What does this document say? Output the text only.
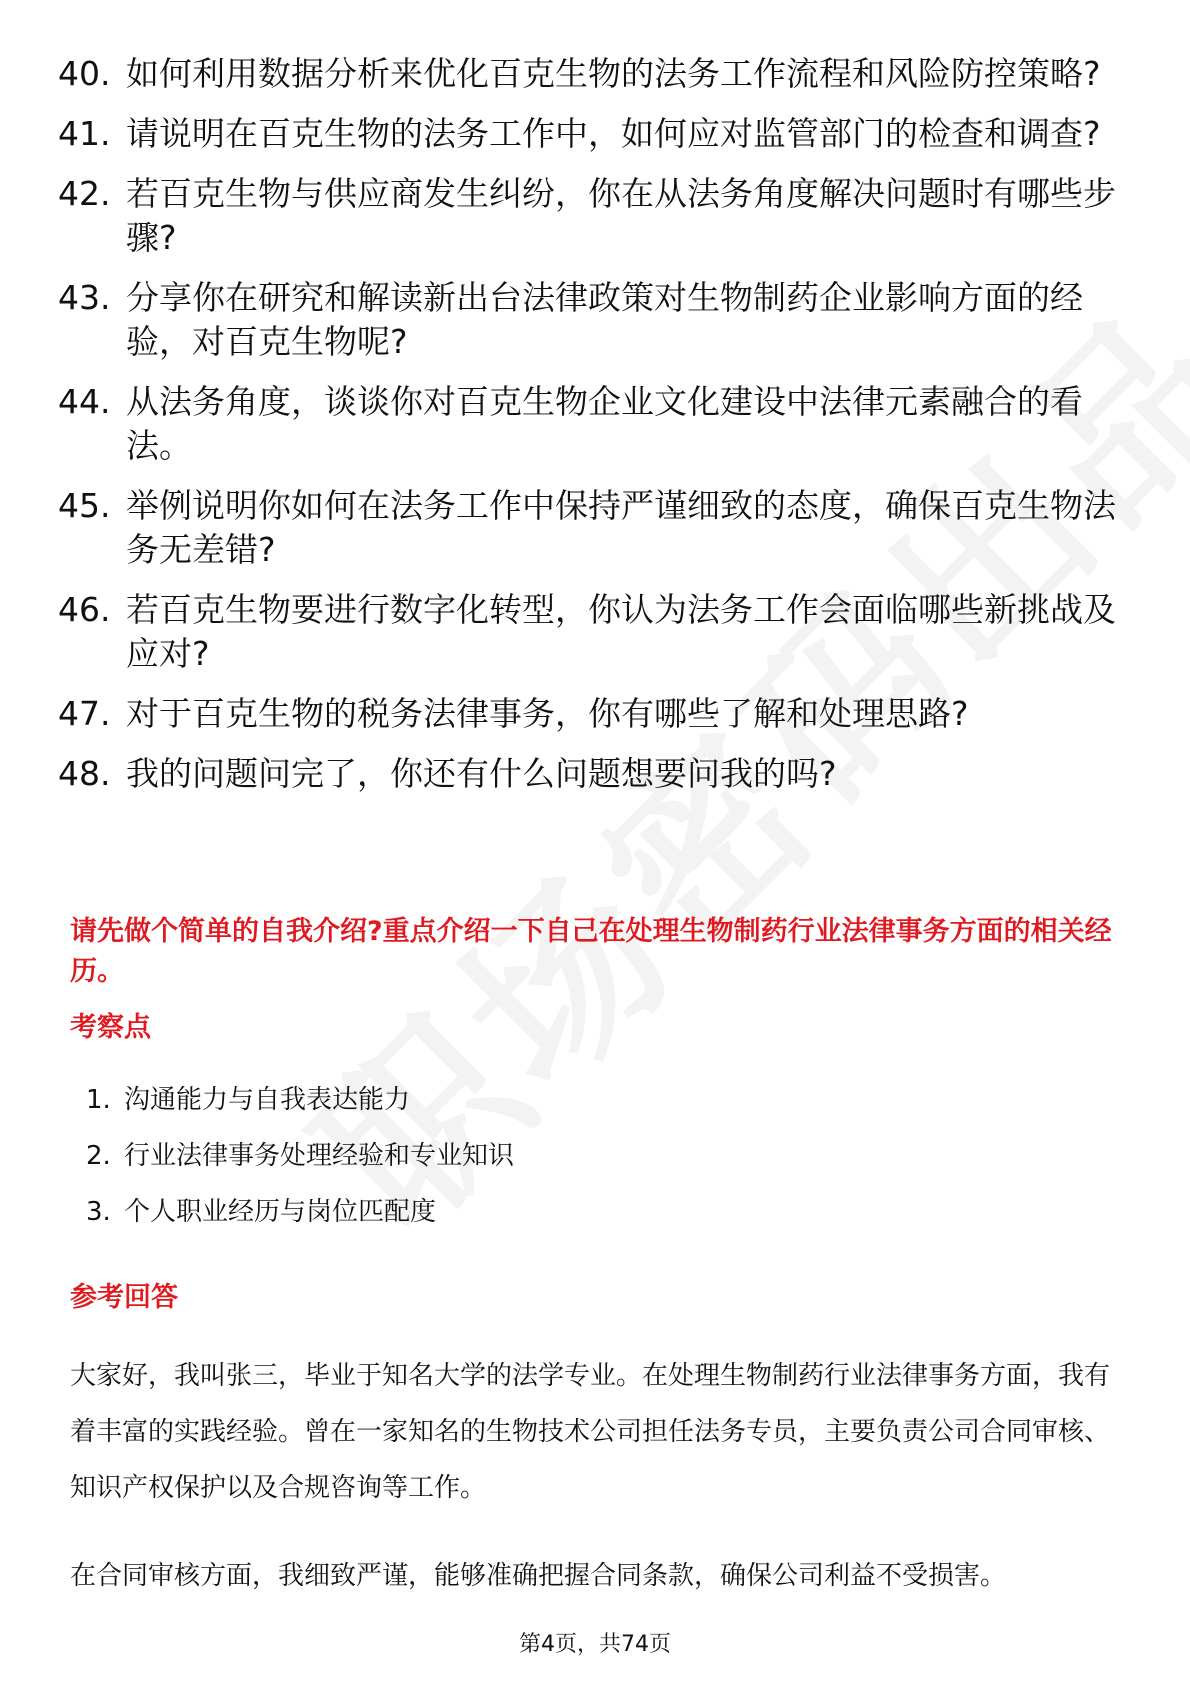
40. 如何利用数据分析来优化百克生物的法务工作流程和风险防控策略?
41. 请说明在百克生物的法务工作中，如何应对监管部门的检查和调查?
42. 若百克生物与供应商发生纠纷，你在从法务角度解决问题时有哪些步骤?
43. 分享你在研究和解读新出台法律政策对生物制药企业影响方面的经验，对百克生物呢?
44. 从法务角度，谈谈你对百克生物企业文化建设中法律元素融合的看法。
45. 举例说明你如何在法务工作中保持严谨细致的态度，确保百克生物法务无差错?
46. 若百克生物要进行数字化转型，你认为法务工作会面临哪些新挑战及应对?
47. 对于百克生物的税务法律事务，你有哪些了解和处理思路?
48. 我的问题问完了，你还有什么问题想要问我的吗?

请先做个简单的自我介绍?重点介绍一下自己在处理生物制药行业法律事务方面的相关经历。

考察点

1. 沟通能力与自我表达能力
2. 行业法律事务处理经验和专业知识
3. 个人职业经历与岗位匹配度

参考回答

大家好，我叫张三，毕业于知名大学的法学专业。在处理生物制药行业法律事务方面，我有着丰富的实践经验。曾在一家知名的生物技术公司担任法务专员，主要负责公司合同审核、知识产权保护以及合规咨询等工作。

在合同审核方面，我细致严谨，能够准确把握合同条款，确保公司利益不受损害。

第4页，共74页
